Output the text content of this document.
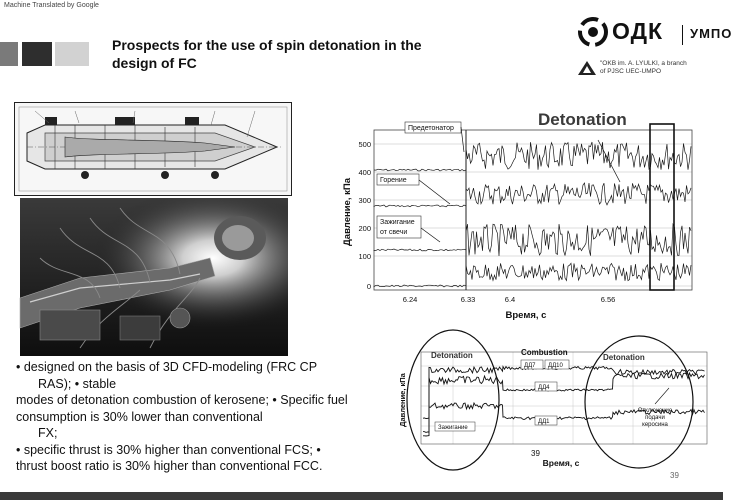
Machine Translated by Google
Prospects for the use of spin detonation in the design of FC
ОДК УМПО
"OKB im. A. LYULKI, a branch
of PJSC UEC-UMPO
0
100
200
300
400
500
6.24	6.33	6.4	6.56
Время, с
Давление, кПа
Detonation
Предетонатор
Горение
Зажигание
от свечи
Detonation	Combustion
Detonation
ДД7 ДД10
ДД4
ДД1
Зажигание
Отключение
подачи
керосина
39
Время, с
Давление, кПа
• designed on the basis of 3D CFD-modeling (FRC CP
RAS); • stable
modes of detonation combustion of kerosene; • Specific fuel
consumption is 30% lower than conventional
FX;
• specific thrust is 30% higher than conventional FCS; •
thrust boost ratio is 30% higher than conventional FCC.
39
